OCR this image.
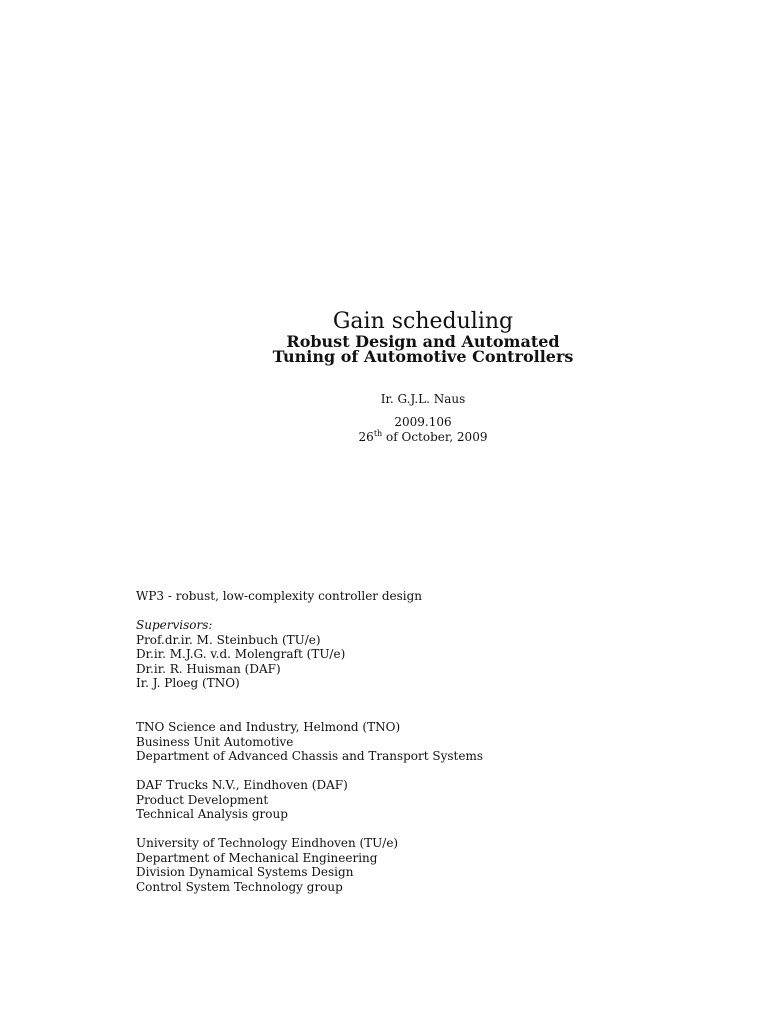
Gain scheduling
Robust Design and Automated
Tuning of Automotive Controllers
Ir. G.J.L. Naus
2009.106
26th of October, 2009
WP3 - robust, low-complexity controller design
Supervisors:
Prof.dr.ir. M. Steinbuch (TU/e)
Dr.ir. M.J.G. v.d. Molengraft (TU/e)
Dr.ir. R. Huisman (DAF)
Ir. J. Ploeg (TNO)
TNO Science and Industry, Helmond (TNO)
Business Unit Automotive
Department of Advanced Chassis and Transport Systems
DAF Trucks N.V., Eindhoven (DAF)
Product Development
Technical Analysis group
University of Technology Eindhoven (TU/e)
Department of Mechanical Engineering
Division Dynamical Systems Design
Control System Technology group
